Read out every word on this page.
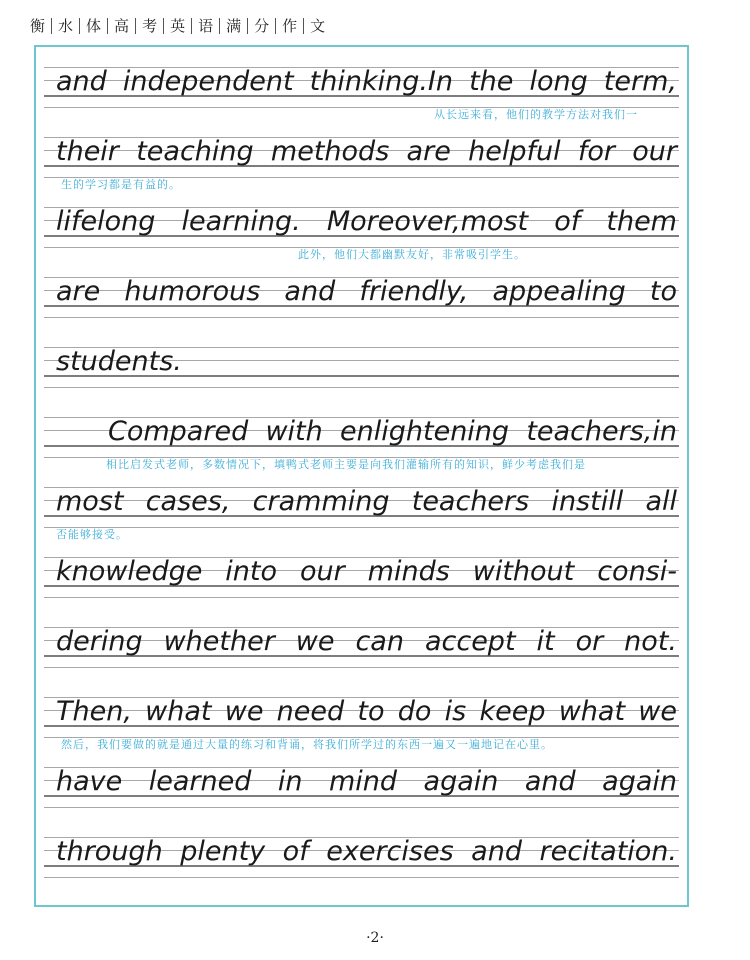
衡 水 体 高 考 英 语 满 分 作 文
and independent thinking.In the long term,
从长远来看，他们的教学方法对我们一
their teaching methods are helpful for our
生的学习都是有益的。
lifelong learning. Moreover,most of them
此外，他们大都幽默友好，非常吸引学生。
are humorous and friendly, appealing to
students.
Compared with enlightening teachers,in
相比启发式老师，多数情况下，填鸭式老师主要是向我们灌输所有的知识，鲜少考虑我们是
most cases, cramming teachers instill all
否能够接受。
knowledge into our minds without consi-
dering whether we can accept it or not.
Then, what we need to do is keep what we
然后，我们要做的就是通过大量的练习和背诵，将我们所学过的东西一遍又一遍地记在心里。
have learned in mind again and again
through plenty of exercises and recitation.
·2·
